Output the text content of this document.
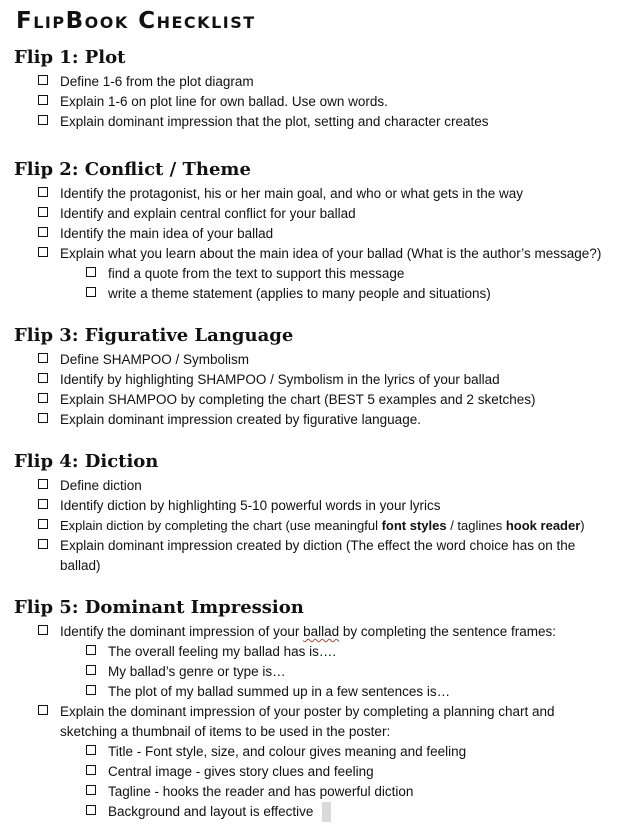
FlipBook Checklist
Flip 1: Plot
Define 1-6 from the plot diagram
Explain 1-6 on plot line for own ballad. Use own words.
Explain dominant impression that the plot, setting and character creates
Flip 2: Conflict / Theme
Identify the protagonist, his or her main goal, and who or what gets in the way
Identify and explain central conflict for your ballad
Identify the main idea of your ballad
Explain what you learn about the main idea of your ballad (What is the author’s message?)
find a quote from the text to support this message
write a theme statement (applies to many people and situations)
Flip 3: Figurative Language
Define SHAMPOO / Symbolism
Identify by highlighting SHAMPOO / Symbolism in the lyrics of your ballad
Explain SHAMPOO by completing the chart (BEST 5 examples and 2 sketches)
Explain dominant impression created by figurative language.
Flip 4: Diction
Define diction
Identify diction by highlighting 5-10 powerful words in your lyrics
Explain diction by completing the chart (use meaningful font styles / taglines hook reader)
Explain dominant impression created by diction (The effect the word choice has on the ballad)
Flip 5: Dominant Impression
Identify the dominant impression of your ballad by completing the sentence frames:
The overall feeling my ballad has is….
My ballad’s genre or type is…
The plot of my ballad summed up in a few sentences is…
Explain the dominant impression of your poster by completing a planning chart and sketching a thumbnail of items to be used in the poster:
Title - Font style, size, and colour gives meaning and feeling
Central image - gives story clues and feeling
Tagline - hooks the reader and has powerful diction
Background and layout is effective
